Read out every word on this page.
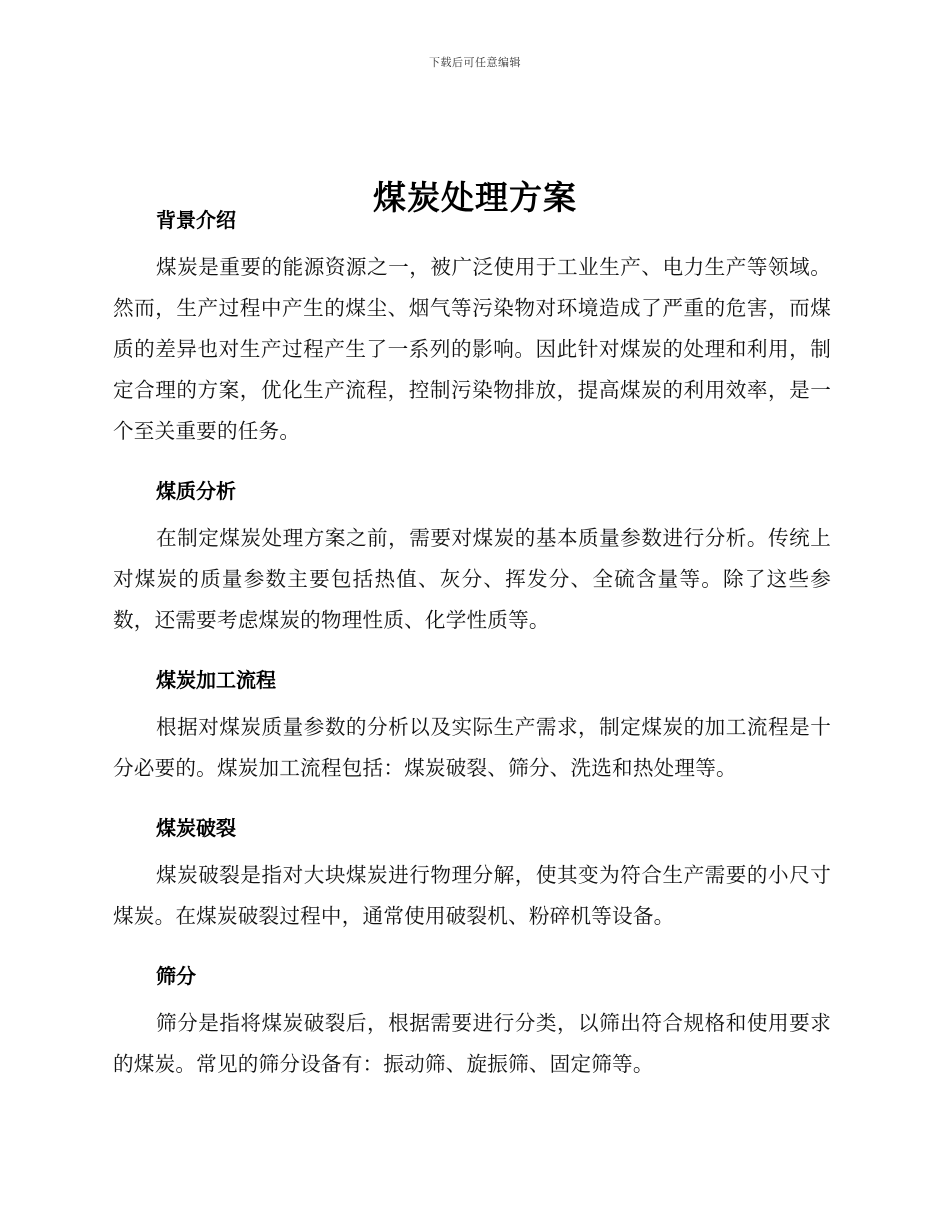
下载后可任意编辑
煤炭处理方案
背景介绍

煤炭是重要的能源资源之一，被广泛使用于工业生产、电力生产等领域。然而，生产过程中产生的煤尘、烟气等污染物对环境造成了严重的危害，而煤质的差异也对生产过程产生了一系列的影响。因此针对煤炭的处理和利用，制定合理的方案，优化生产流程，控制污染物排放，提高煤炭的利用效率，是一个至关重要的任务。

煤质分析

在制定煤炭处理方案之前，需要对煤炭的基本质量参数进行分析。传统上对煤炭的质量参数主要包括热值、灰分、挥发分、全硫含量等。除了这些参数，还需要考虑煤炭的物理性质、化学性质等。

煤炭加工流程

根据对煤炭质量参数的分析以及实际生产需求，制定煤炭的加工流程是十分必要的。煤炭加工流程包括：煤炭破裂、筛分、洗选和热处理等。

煤炭破裂

煤炭破裂是指对大块煤炭进行物理分解，使其变为符合生产需要的小尺寸煤炭。在煤炭破裂过程中，通常使用破裂机、粉碎机等设备。

筛分

筛分是指将煤炭破裂后，根据需要进行分类，以筛出符合规格和使用要求的煤炭。常见的筛分设备有：振动筛、旋振筛、固定筛等。
